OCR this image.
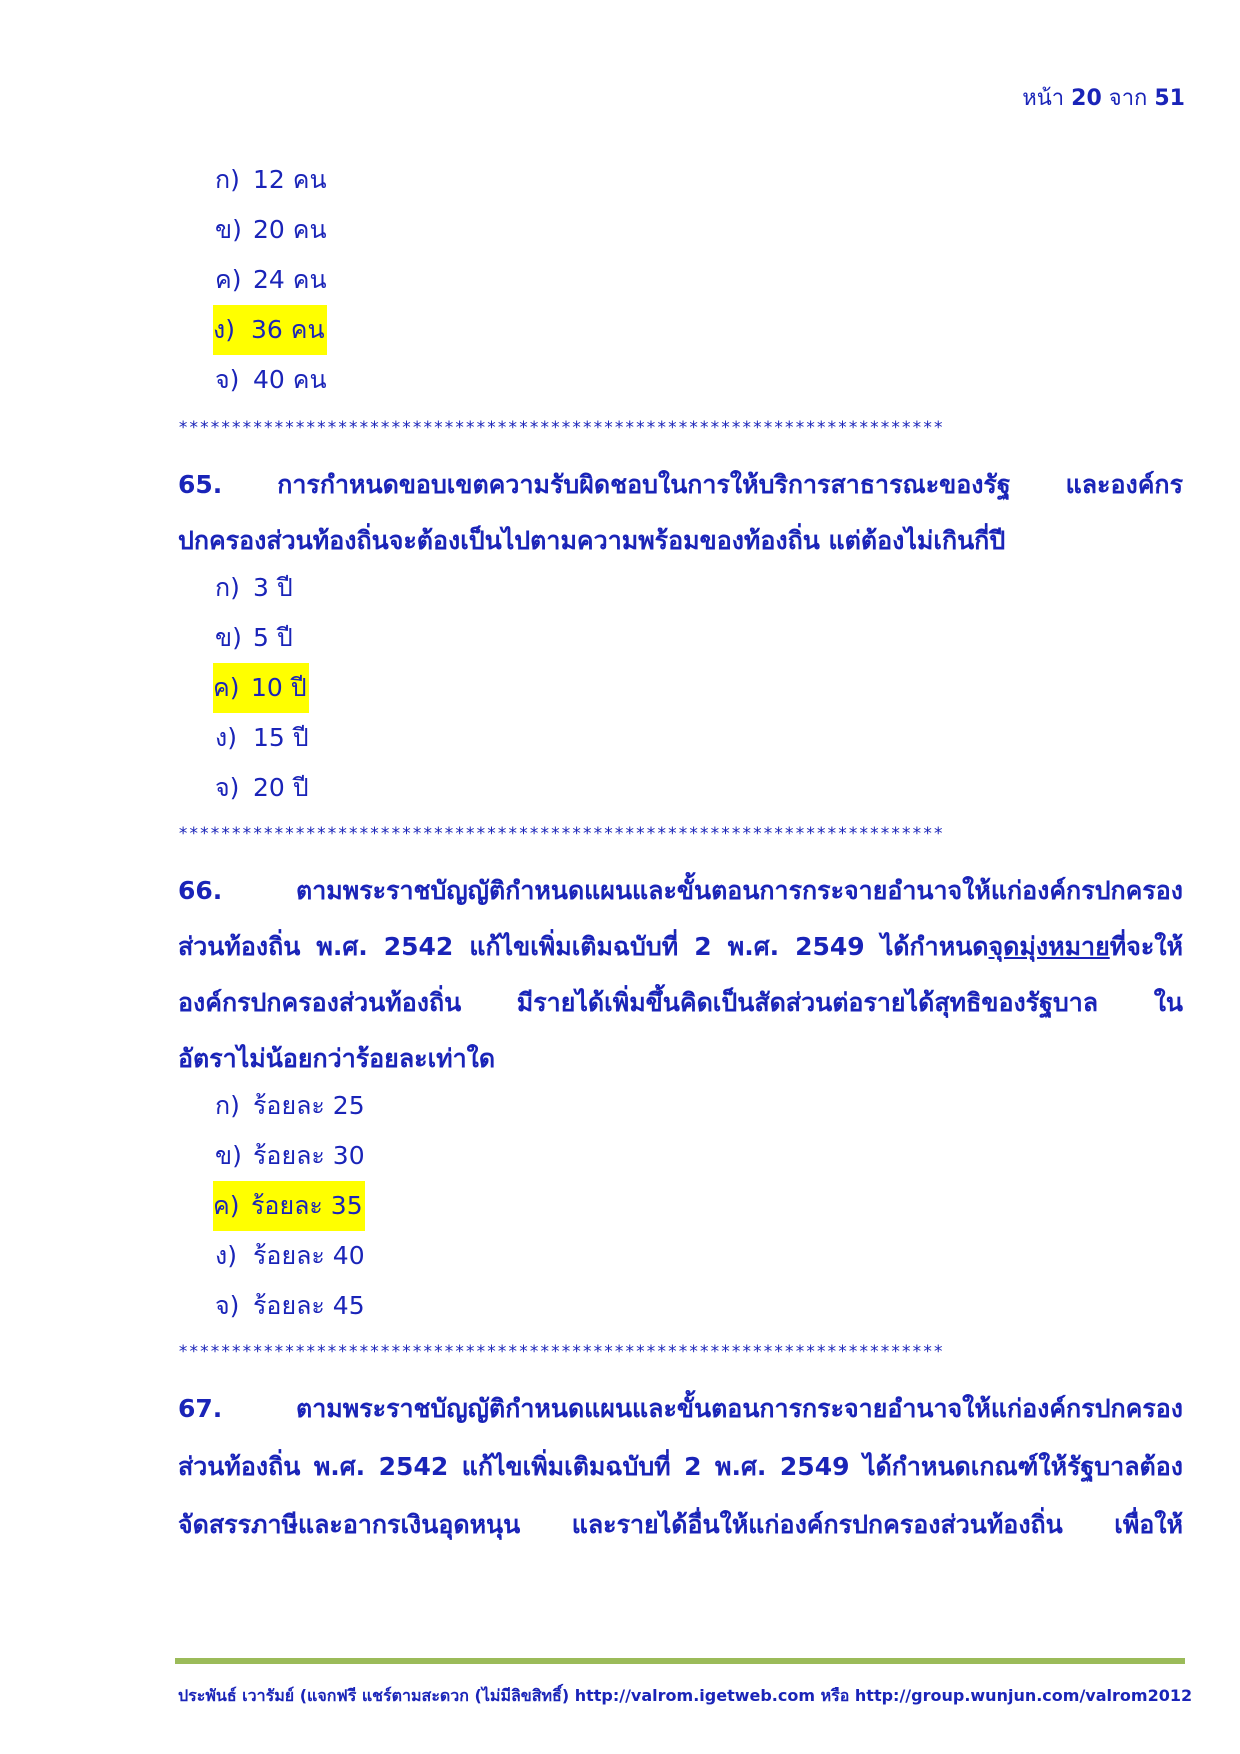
หน้า 20 จาก 51
ก) 12 คน
ข) 20 คน
ค) 24 คน
ง) 36 คน
จ) 40 คน
************************************************************************
65. การกำหนดขอบเขตความรับผิดชอบในการให้บริการสาธารณะของรัฐ และองค์กร
ปกครองส่วนท้องถิ่นจะต้องเป็นไปตามความพร้อมของท้องถิ่น แต่ต้องไม่เกินกี่ปี
ก) 3 ปี
ข) 5 ปี
ค) 10 ปี
ง) 15 ปี
จ) 20 ปี
************************************************************************
66. ตามพระราชบัญญัติกำหนดแผนและขั้นตอนการกระจายอำนาจให้แก่องค์กรปกครอง
ส่วนท้องถิ่น พ.ศ. 2542 แก้ไขเพิ่มเติมฉบับที่ 2 พ.ศ. 2549 ได้กำหนดจุดมุ่งหมายที่จะให้
องค์กรปกครองส่วนท้องถิ่น มีรายได้เพิ่มขึ้นคิดเป็นสัดส่วนต่อรายได้สุทธิของรัฐบาล ใน
อัตราไม่น้อยกว่าร้อยละเท่าใด
ก) ร้อยละ 25
ข) ร้อยละ 30
ค) ร้อยละ 35
ง) ร้อยละ 40
จ) ร้อยละ 45
************************************************************************
67. ตามพระราชบัญญัติกำหนดแผนและขั้นตอนการกระจายอำนาจให้แก่องค์กรปกครอง
ส่วนท้องถิ่น พ.ศ. 2542 แก้ไขเพิ่มเติมฉบับที่ 2 พ.ศ. 2549 ได้กำหนดเกณฑ์ให้รัฐบาลต้อง
จัดสรรภาษีและอากรเงินอุดหนุน และรายได้อื่นให้แก่องค์กรปกครองส่วนท้องถิ่น เพื่อให้
ประพันธ์ เวารัมย์ (แจกฟรี แชร์ตามสะดวก (ไม่มีลิขสิทธิ์) http://valrom.igetweb.com หรือ http://group.wunjun.com/valrom2012
